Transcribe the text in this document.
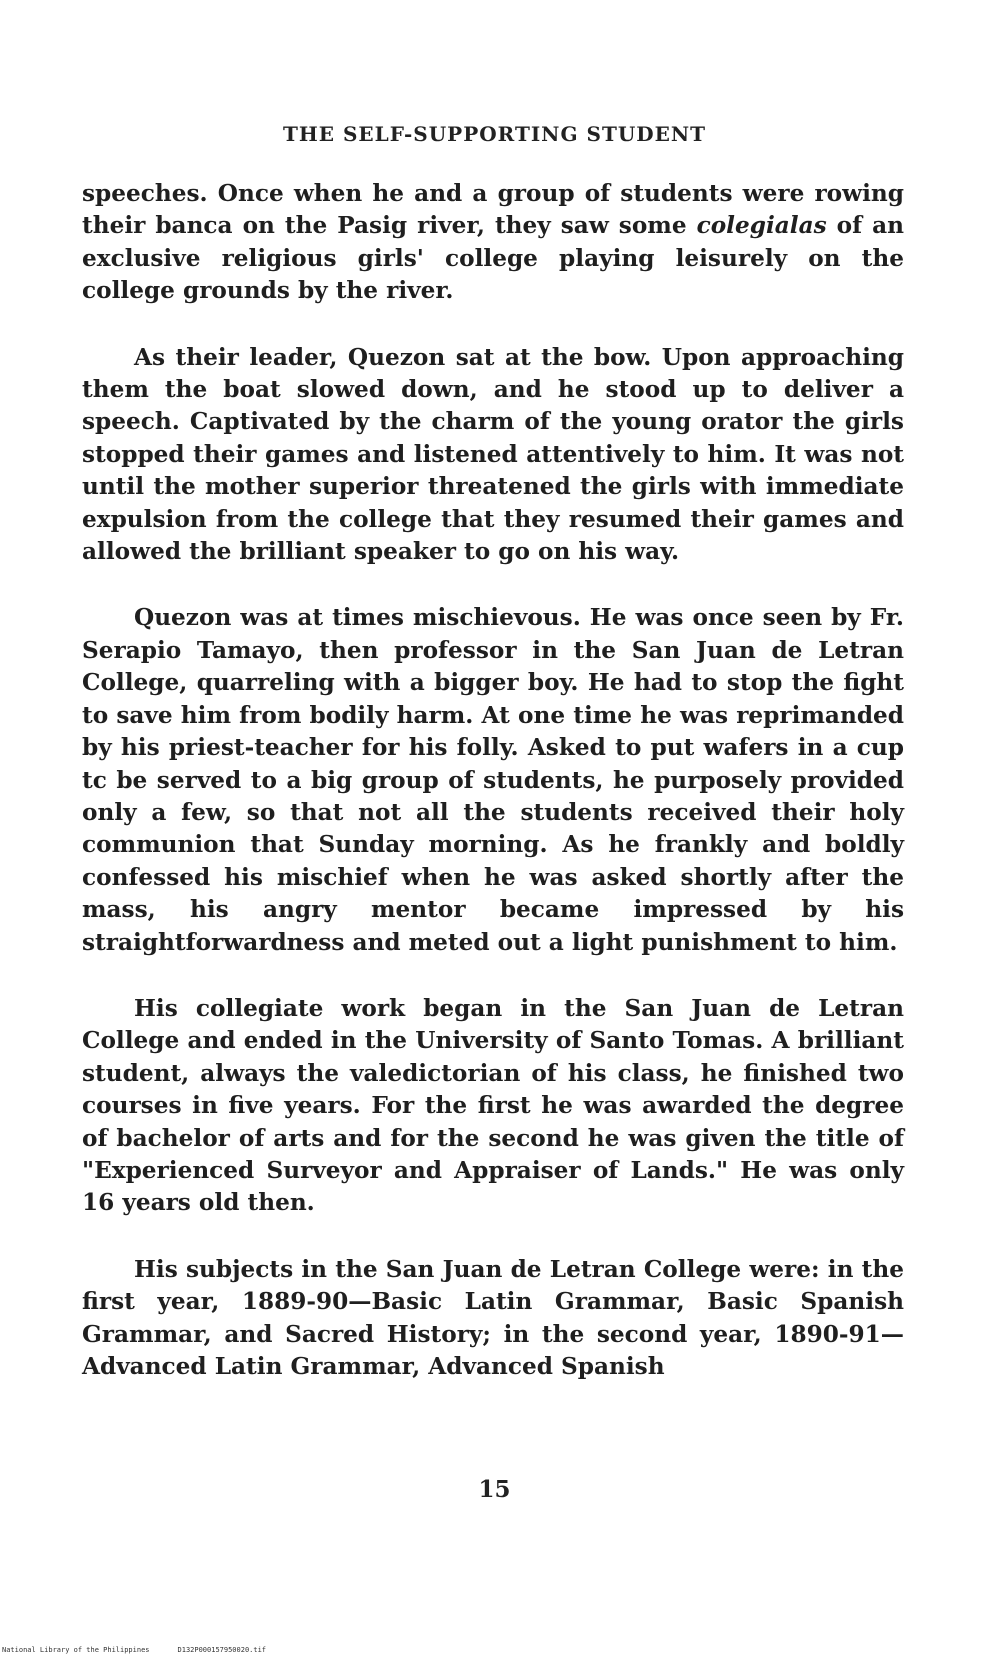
THE SELF-SUPPORTING STUDENT

speeches. Once when he and a group of students were rowing their banca on the Pasig river, they saw some colegialas of an exclusive religious girls' college playing leisurely on the college grounds by the river.

As their leader, Quezon sat at the bow. Upon approaching them the boat slowed down, and he stood up to deliver a speech. Captivated by the charm of the young orator the girls stopped their games and listened attentively to him. It was not until the mother superior threatened the girls with immediate expulsion from the college that they resumed their games and allowed the brilliant speaker to go on his way.

Quezon was at times mischievous. He was once seen by Fr. Serapio Tamayo, then professor in the San Juan de Letran College, quarreling with a bigger boy. He had to stop the fight to save him from bodily harm. At one time he was reprimanded by his priest-teacher for his folly. Asked to put wafers in a cup tc be served to a big group of students, he purposely provided only a few, so that not all the students received their holy communion that Sunday morning. As he frankly and boldly confessed his mischief when he was asked shortly after the mass, his angry mentor became impressed by his straightforwardness and meted out a light punishment to him.

His collegiate work began in the San Juan de Letran College and ended in the University of Santo Tomas. A brilliant student, always the valedictorian of his class, he finished two courses in five years. For the first he was awarded the degree of bachelor of arts and for the second he was given the title of "Experienced Surveyor and Appraiser of Lands." He was only 16 years old then.

His subjects in the San Juan de Letran College were: in the first year, 1889-90—Basic Latin Grammar, Basic Spanish Grammar, and Sacred History; in the second year, 1890-91—Advanced Latin Grammar, Advanced Spanish

15
National Library of the Philippines	D132P000157950020.tif
